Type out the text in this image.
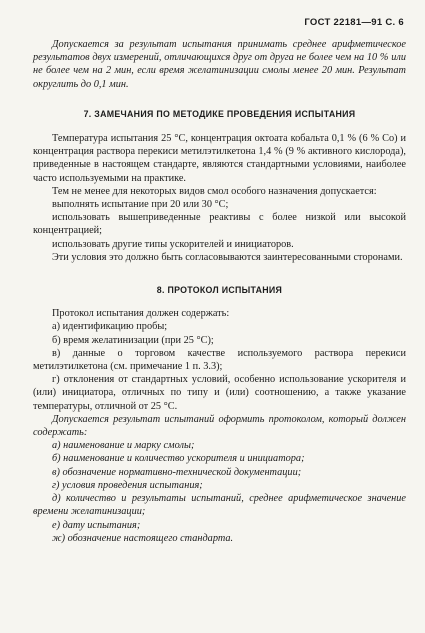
ГОСТ 22181—91 С. 6

Допускается за результат испытания принимать среднее арифметическое результатов двух измерений, отличающихся друг от друга не более чем на 10 % или не более чем на 2 мин, если время желатинизации смолы менее 20 мин. Результат округлить до 0,1 мин.

7. ЗАМЕЧАНИЯ ПО МЕТОДИКЕ ПРОВЕДЕНИЯ ИСПЫТАНИЯ

Температура испытания 25 °С, концентрация октоата кобальта 0,1 % (6 % Со) и концентрация раствора перекиси метилэтилкетона 1,4 % (9 % активного кислорода), приведенные в настоящем стандарте, являются стандартными условиями, наиболее часто используемыми на практике.

Тем не менее для некоторых видов смол особого назначения допускается:

выполнять испытание при 20 или 30 °С;

использовать вышеприведенные реактивы с более низкой или высокой концентрацией;

использовать другие типы ускорителей и инициаторов.

Эти условия это должно быть согласовываются заинтересованными сторонами.

8. ПРОТОКОЛ ИСПЫТАНИЯ

Протокол испытания должен содержать:

а) идентификацию пробы;

б) время желатинизации (при 25 °С);

в) данные о торговом качестве используемого раствора перекиси метилэтилкетона (см. примечание 1 п. 3.3);

г) отклонения от стандартных условий, особенно использование ускорителя и (или) инициатора, отличных по типу и (или) соотношению, а также указание температуры, отличной от 25 °С.

Допускается результат испытаний оформить протоколом, который должен содержать:

а) наименование и марку смолы;

б) наименование и количество ускорителя и инициатора;

в) обозначение нормативно-технической документации;

г) условия проведения испытания;

д) количество и результаты испытаний, среднее арифметическое значение времени желатинизации;

е) дату испытания;

ж) обозначение настоящего стандарта.
